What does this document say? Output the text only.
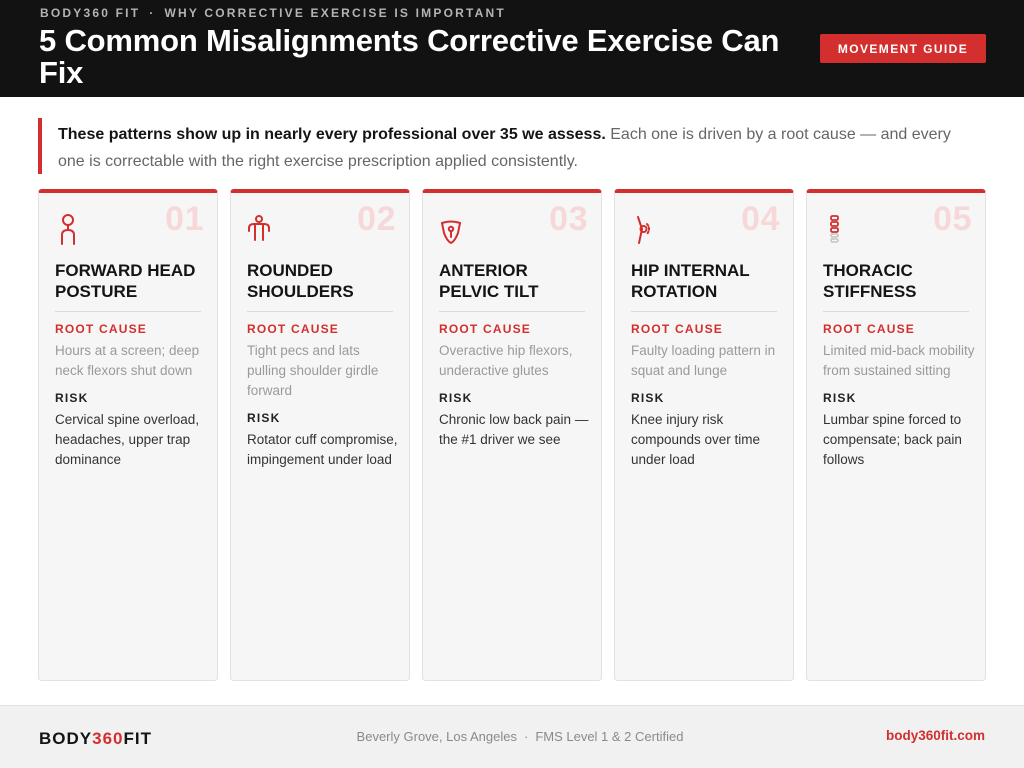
BODY360 FIT · WHY CORRECTIVE EXERCISE IS IMPORTANT
5 Common Misalignments Corrective Exercise Can Fix
MOVEMENT GUIDE
These patterns show up in nearly every professional over 35 we assess. Each one is driven by a root cause — and every one is correctable with the right exercise prescription applied consistently.
01
FORWARD HEAD POSTURE
ROOT CAUSE
Hours at a screen; deep neck flexors shut down
RISK
Cervical spine overload, headaches, upper trap dominance
02
ROUNDED SHOULDERS
ROOT CAUSE
Tight pecs and lats pulling shoulder girdle forward
RISK
Rotator cuff compromise, impingement under load
03
ANTERIOR PELVIC TILT
ROOT CAUSE
Overactive hip flexors, underactive glutes
RISK
Chronic low back pain — the #1 driver we see
04
HIP INTERNAL ROTATION
ROOT CAUSE
Faulty loading pattern in squat and lunge
RISK
Knee injury risk compounds over time under load
05
THORACIC STIFFNESS
ROOT CAUSE
Limited mid-back mobility from sustained sitting
RISK
Lumbar spine forced to compensate; back pain follows
BODY360FIT	Beverly Grove, Los Angeles · FMS Level 1 & 2 Certified	body360fit.com
